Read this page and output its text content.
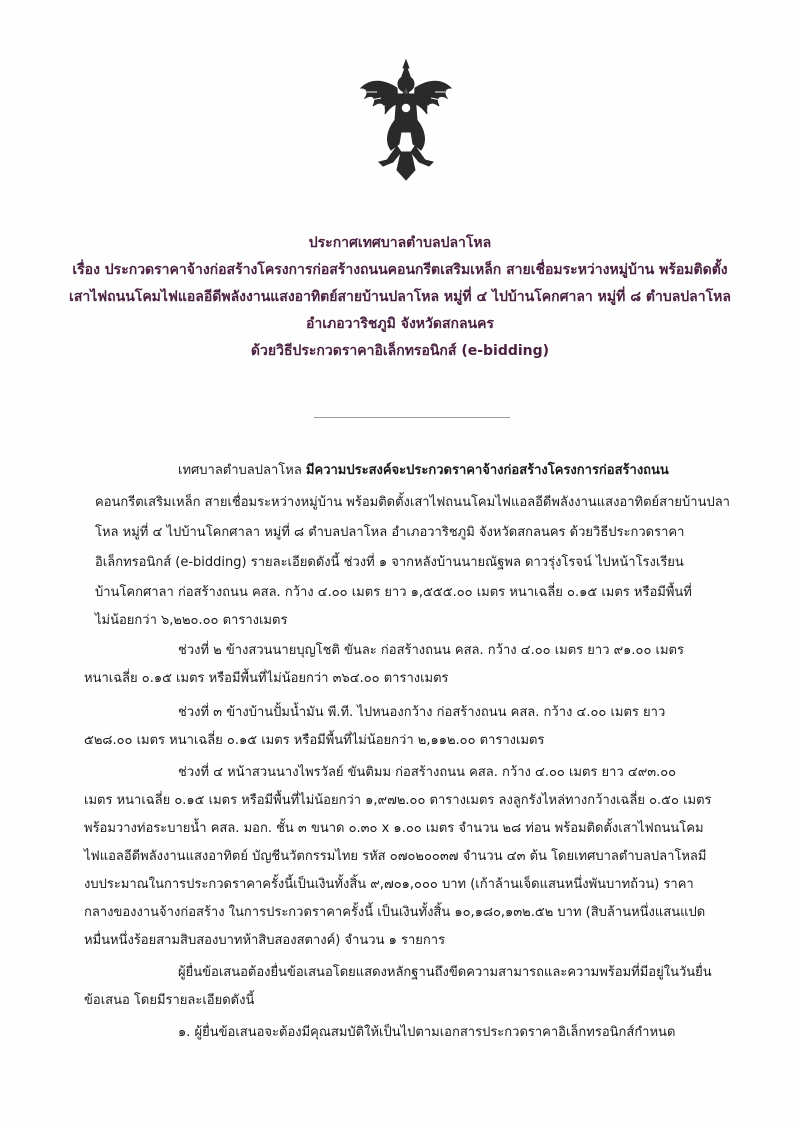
ประกาศเทศบาลตำบลปลาโหล
เรื่อง ประกวดราคาจ้างก่อสร้างโครงการก่อสร้างถนนคอนกรีตเสริมเหล็ก สายเชื่อมระหว่างหมู่บ้าน พร้อมติดตั้ง
เสาไฟถนนโคมไฟแอลอีดีพลังงานแสงอาทิตย์สายบ้านปลาโหล หมู่ที่ ๔ ไปบ้านโคกศาลา หมู่ที่ ๘ ตำบลปลาโหล
อำเภอวาริชภูมิ จังหวัดสกลนคร
ด้วยวิธีประกวดราคาอิเล็กทรอนิกส์ (e-bidding)
เทศบาลตำบลปลาโหล มีความประสงค์จะประกวดราคาจ้างก่อสร้างโครงการก่อสร้างถนน
คอนกรีตเสริมเหล็ก สายเชื่อมระหว่างหมู่บ้าน พร้อมติดตั้งเสาไฟถนนโคมไฟแอลอีดีพลังงานแสงอาทิตย์สายบ้านปลา
โหล หมู่ที่ ๔ ไปบ้านโคกศาลา หมู่ที่ ๘ ตำบลปลาโหล อำเภอวาริชภูมิ จังหวัดสกลนคร ด้วยวิธีประกวดราคา
อิเล็กทรอนิกส์ (e-bidding) รายละเอียดดังนี้ ช่วงที่ ๑ จากหลังบ้านนายณัฐพล ดาวรุ่งโรจน์ ไปหน้าโรงเรียน
บ้านโคกศาลา ก่อสร้างถนน คสล. กว้าง ๔.๐๐ เมตร ยาว ๑,๕๕๕.๐๐ เมตร หนาเฉลี่ย ๐.๑๕ เมตร หรือมีพื้นที่
ไม่น้อยกว่า ๖,๒๒๐.๐๐ ตารางเมตร
ช่วงที่ ๒ ข้างสวนนายบุญโชติ ขันละ ก่อสร้างถนน คสล. กว้าง ๔.๐๐ เมตร ยาว ๙๑.๐๐ เมตร
หนาเฉลี่ย ๐.๑๕ เมตร หรือมีพื้นที่ไม่น้อยกว่า ๓๖๔.๐๐ ตารางเมตร
ช่วงที่ ๓ ข้างบ้านปั้มน้ำมัน พี.ที. ไปหนองกว้าง ก่อสร้างถนน คสล. กว้าง ๔.๐๐ เมตร ยาว
๕๒๘.๐๐ เมตร หนาเฉลี่ย ๐.๑๕ เมตร หรือมีพื้นที่ไม่น้อยกว่า ๒,๑๑๒.๐๐ ตารางเมตร
ช่วงที่ ๔ หน้าสวนนางไพรวัลย์ ขันติมม ก่อสร้างถนน คสล. กว้าง ๔.๐๐ เมตร ยาว ๔๙๓.๐๐
เมตร หนาเฉลี่ย ๐.๑๕ เมตร หรือมีพื้นที่ไม่น้อยกว่า ๑,๙๗๒.๐๐ ตารางเมตร ลงลูกรังไหล่ทางกว้างเฉลี่ย ๐.๕๐ เมตร
พร้อมวางท่อระบายน้ำ คสล. มอก. ชั้น ๓ ขนาด ๐.๓๐ x ๑.๐๐ เมตร จำนวน ๒๘ ท่อน พร้อมติดตั้งเสาไฟถนนโคม
ไฟแอลอีดีพลังงานแสงอาทิตย์ บัญชีนวัตกรรมไทย รหัส ๐๗๐๒๐๐๓๗ จำนวน ๔๓ ต้น โดยเทศบาลตำบลปลาโหลมี
งบประมาณในการประกวดราคาครั้งนี้เป็นเงินทั้งสิ้น ๙,๗๐๑,๐๐๐ บาท (เก้าล้านเจ็ดแสนหนึ่งพันบาทถ้วน) ราคา
กลางของงานจ้างก่อสร้าง ในการประกวดราคาครั้งนี้ เป็นเงินทั้งสิ้น ๑๐,๑๘๐,๑๓๒.๕๒ บาท (สิบล้านหนึ่งแสนแปด
หมื่นหนึ่งร้อยสามสิบสองบาทห้าสิบสองสตางค์) จำนวน ๑ รายการ
ผู้ยื่นข้อเสนอต้องยื่นข้อเสนอโดยแสดงหลักฐานถึงขีดความสามารถและความพร้อมที่มีอยู่ในวันยื่น
ข้อเสนอ โดยมีรายละเอียดดังนี้
๑. ผู้ยื่นข้อเสนอจะต้องมีคุณสมบัติให้เป็นไปตามเอกสารประกวดราคาอิเล็กทรอนิกส์กำหนด
